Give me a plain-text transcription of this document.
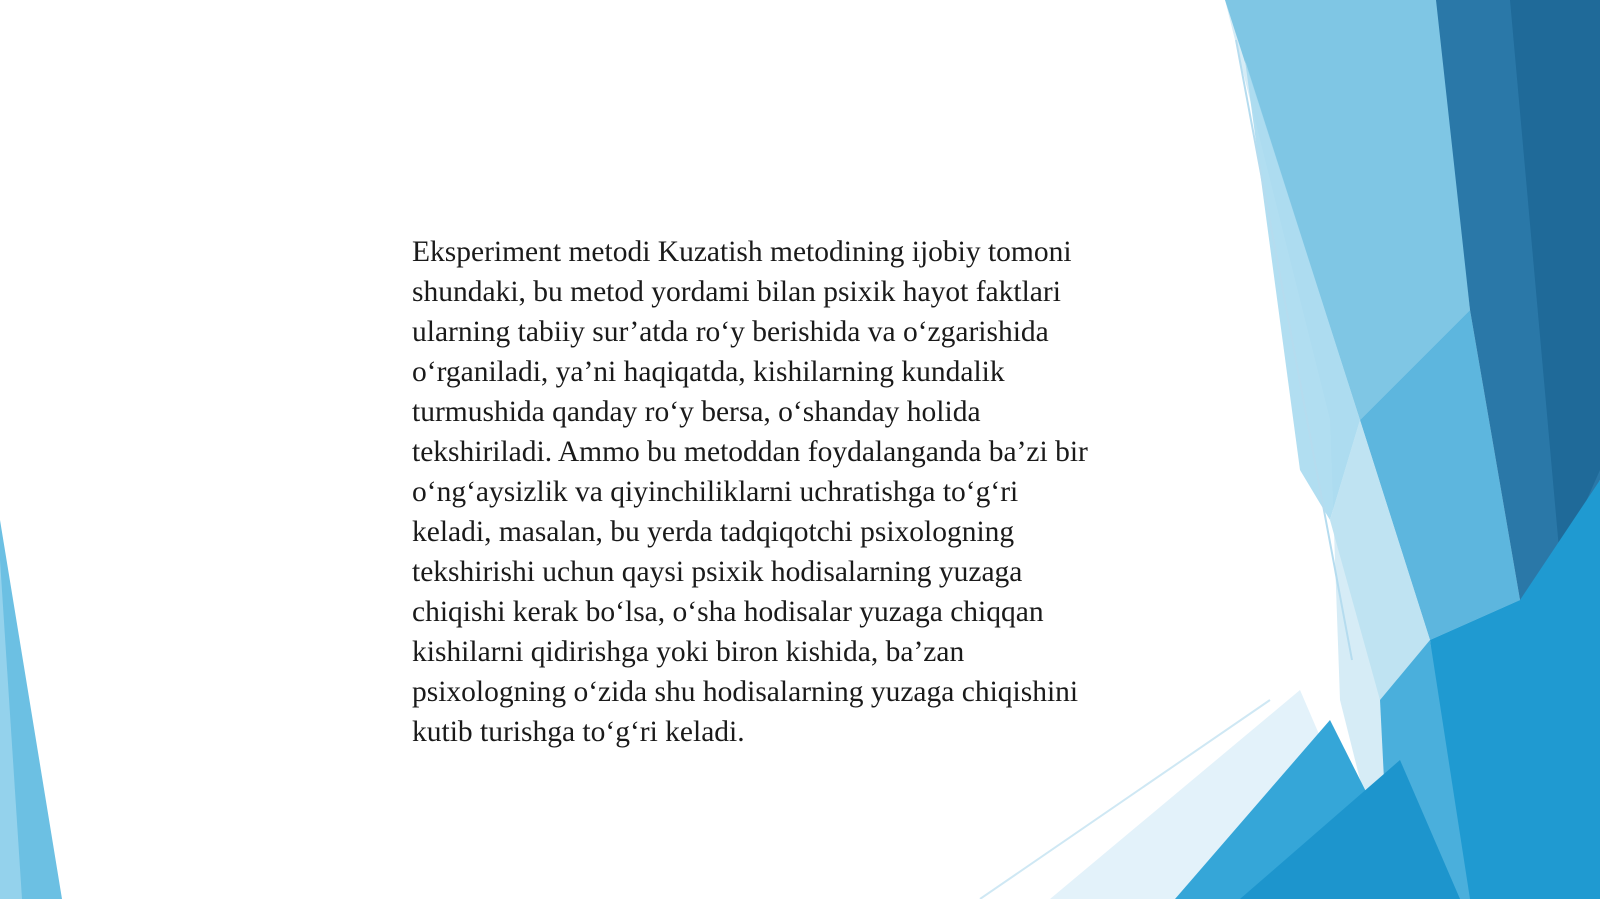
Eksperiment metodi Kuzatish metodining ijobiy tomoni
shundaki, bu metod yordami bilan psixik hayot faktlari
ularning tabiiy sur’atda ro‘y berishida va o‘zgarishida
o‘rganiladi, ya’ni haqiqatda, kishilarning kundalik
turmushida qanday ro‘y bersa, o‘shanday holida
tekshiriladi. Ammo bu metoddan foydalanganda ba’zi bir
o‘ng‘aysizlik va qiyinchiliklarni uchratishga to‘g‘ri
keladi, masalan, bu yerda tadqiqotchi psixologning
tekshirishi uchun qaysi psixik hodisalarning yuzaga
chiqishi kerak bo‘lsa, o‘sha hodisalar yuzaga chiqqan
kishilarni qidirishga yoki biron kishida, ba’zan
psixologning o‘zida shu hodisalarning yuzaga chiqishini
kutib turishga to‘g‘ri keladi.
